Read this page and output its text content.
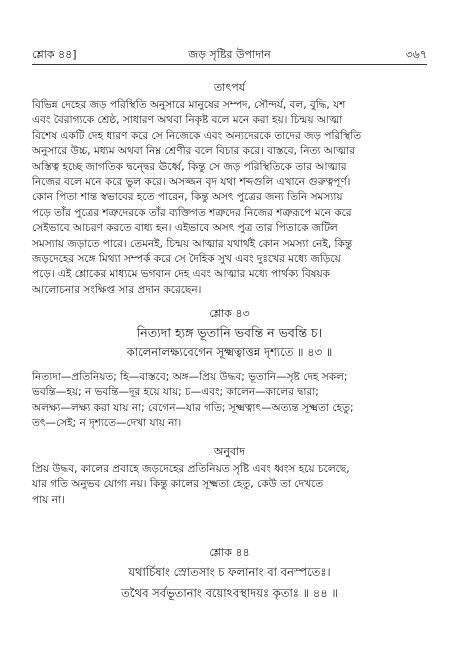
শ্লোক ৪৪]	জড় সৃষ্টির উপাদান	৩৬৭
তাৎপর্য

বিভিন্ন দেহের জড় পরিস্থিতি অনুসারে মানুষের সম্পদ, সৌন্দর্য, বল, বুদ্ধি, যশ

এবং বৈরাগ্যকে শ্রেষ্ঠ, সাধারণ অথবা নিকৃষ্ট বলে মনে করা হয়। চিন্ময় আত্মা

বিশেষ একটি দেহ ধারণ করে সে নিজেকে এবং অন্যদেরকে তাদের জড় পরিস্থিতি

অনুসারে উচ্চ, মধ্যম অথবা নিম্ন শ্রেণীর বলে বিচার করে। বাস্তবে, নিত্য আত্মার

অস্তিত্ব হচ্ছে জাগতিক দ্বন্দ্বের ঊর্ধ্বে, কিন্তু সে জড় পরিস্থিতিকে তার আত্মার

নিজের বলে মনে করে ভুল করে। অসজ্জন বৃদ যথা শব্দগুলি এখানে গুরুত্বপূর্ণ।

কোন পিতা শান্ত স্বভাবের হতে পারেন, কিন্তু অসৎ পুত্রের জন্য তিনি সমস্যায়

পড়ে তাঁর পুত্রের শত্রুদেরকে তাঁর ব্যক্তিগত শত্রুদের নিজের শত্রুরূপে মনে করে

সেইভাবে আচরণ করতে বাধ্য হন। এইভাবে অসৎ পুত্র তার পিতাকে জটিল

সমস্যায় জড়াতে পারে। তেমনই, চিন্ময় আত্মার যথার্থই কোন সমস্যা নেই, কিন্তু

জড়দেহের সঙ্গে মিথ্যা সম্পর্ক করে সে দৈহিক সুখ এবং দুঃখের মধ্যে জড়িয়ে

পড়ে। এই শ্লোকের মাধ্যমে ভগবান দেহ এবং আত্মার মধ্যে পার্থক্য বিষয়ক

আলোচনার সংক্ষিপ্ত সার প্রদান করেছেন।

শ্লোক ৪৩
নিত্যদা হ্যঙ্গ ভূতানি ভবন্তি ন ভবন্তি চ।
কালেনালক্ষ্যবেগেন সূক্ষ্মত্বাত্তন্ন দৃশ্যতে ॥ ৪৩ ॥

নিত্যদা—প্রতিনিয়ত; হি—বাস্তবে; অঙ্গ—প্রিয় উদ্ধব; ভূতানি—সৃষ্ট দেহ সকল;

ভবন্তি—হয়; ন ভবন্তি—দূর হয়ে যায়; চ—এবং; কালেন—কালের দ্বারা;

অলক্ষ্য—লক্ষ্য করা যায় না; বেগেন—যার গতি; সূক্ষ্মত্বাৎ—অত্যন্ত সূক্ষ্মতা হেতু;

তৎ—সেই; ন দৃশ্যতে—দেখা যায় না।

অনুবাদ

প্রিয় উদ্ধব, কালের প্রবাহে জড়দেহের প্রতিনিয়ত সৃষ্টি এবং ধ্বংস হয়ে চলেছে,

যার গতি অনুভব যোগ্য নয়। কিন্তু কালের সূক্ষ্মতা হেতু, কেউ তা দেখতে

পায় না।

শ্লোক ৪৪
যথার্চিষাং স্রোতসাং চ ফলানাং বা বনস্পতেঃ।
তথৈব সর্বভূতানাং বয়োঽবস্থাদয়ঃ কৃতাঃ ॥ ৪৪ ॥
